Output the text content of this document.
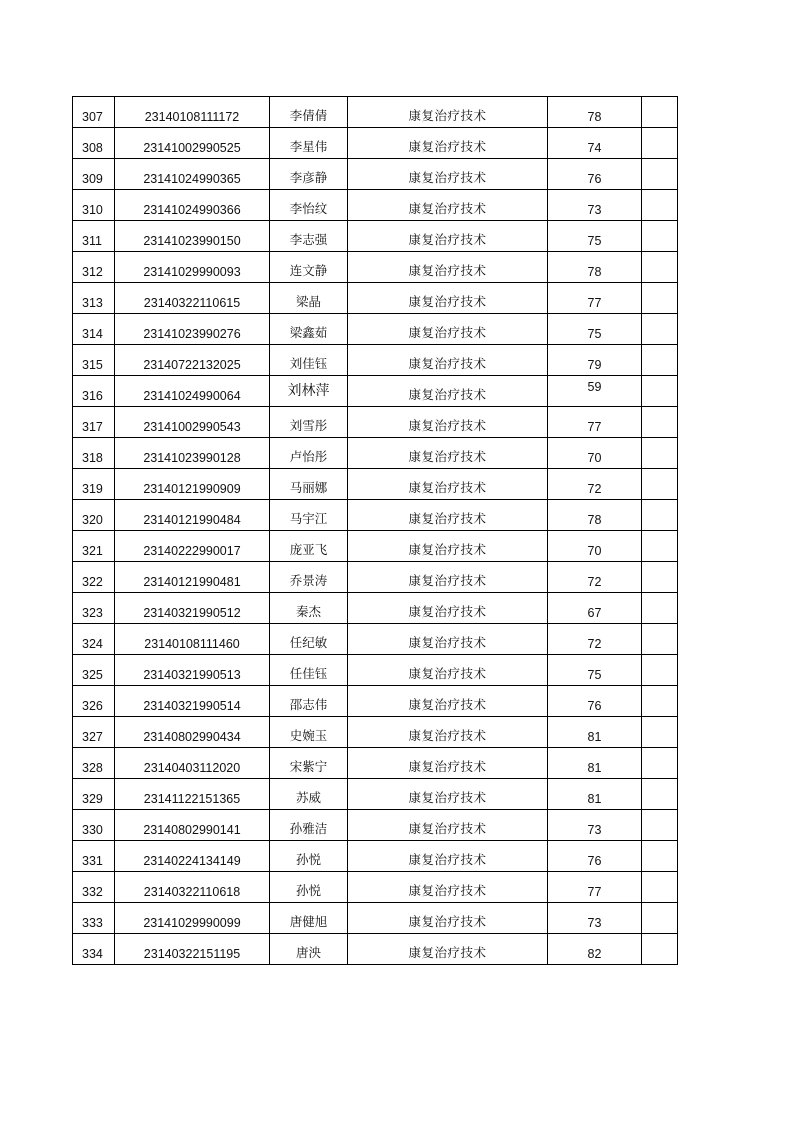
307	23140108111172	李倩倩	康复治疗技术	78	
308	23141002990525	李星伟	康复治疗技术	74	
309	23141024990365	李彦静	康复治疗技术	76	
310	23141024990366	李怡纹	康复治疗技术	73	
311	23141023990150	李志强	康复治疗技术	75	
312	23141029990093	连文静	康复治疗技术	78	
313	23140322110615	梁晶	康复治疗技术	77	
314	23141023990276	梁鑫茹	康复治疗技术	75	
315	23140722132025	刘佳钰	康复治疗技术	79	
316	23141024990064	刘林萍	康复治疗技术	59	
317	23141002990543	刘雪彤	康复治疗技术	77	
318	23141023990128	卢怡彤	康复治疗技术	70	
319	23140121990909	马丽娜	康复治疗技术	72	
320	23140121990484	马宇江	康复治疗技术	78	
321	23140222990017	庞亚飞	康复治疗技术	70	
322	23140121990481	乔景涛	康复治疗技术	72	
323	23140321990512	秦杰	康复治疗技术	67	
324	23140108111460	任纪敏	康复治疗技术	72	
325	23140321990513	任佳钰	康复治疗技术	75	
326	23140321990514	邵志伟	康复治疗技术	76	
327	23140802990434	史婉玉	康复治疗技术	81	
328	23140403112020	宋紫宁	康复治疗技术	81	
329	23141122151365	苏威	康复治疗技术	81	
330	23140802990141	孙雅洁	康复治疗技术	73	
331	23140224134149	孙悦	康复治疗技术	76	
332	23140322110618	孙悦	康复治疗技术	77	
333	23141029990099	唐健旭	康复治疗技术	73	
334	23140322151195	唐泱	康复治疗技术	82	
